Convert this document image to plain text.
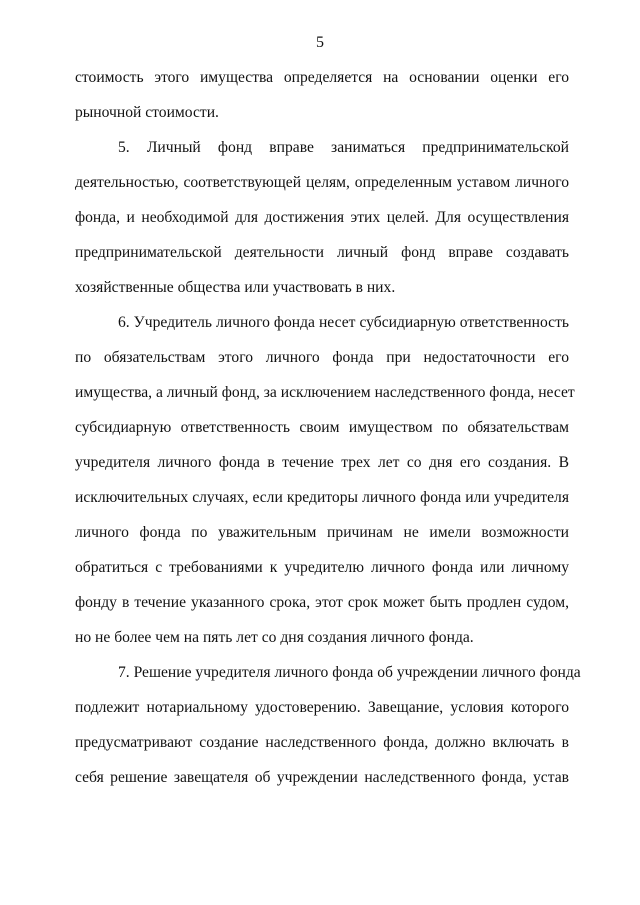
5
стоимость этого имущества определяется на основании оценки его
рыночной стоимости.
5. Личный фонд вправе заниматься предпринимательской
деятельностью, соответствующей целям, определенным уставом личного
фонда, и необходимой для достижения этих целей. Для осуществления
предпринимательской деятельности личный фонд вправе создавать
хозяйственные общества или участвовать в них.
6. Учредитель личного фонда несет субсидиарную ответственность
по обязательствам этого личного фонда при недостаточности его
имущества, а личный фонд, за исключением наследственного фонда, несет
субсидиарную ответственность своим имуществом по обязательствам
учредителя личного фонда в течение трех лет со дня его создания. В
исключительных случаях, если кредиторы личного фонда или учредителя
личного фонда по уважительным причинам не имели возможности
обратиться с требованиями к учредителю личного фонда или личному
фонду в течение указанного срока, этот срок может быть продлен судом,
но не более чем на пять лет со дня создания личного фонда.
7. Решение учредителя личного фонда об учреждении личного фонда
подлежит нотариальному удостоверению. Завещание, условия которого
предусматривают создание наследственного фонда, должно включать в
себя решение завещателя об учреждении наследственного фонда, устав
